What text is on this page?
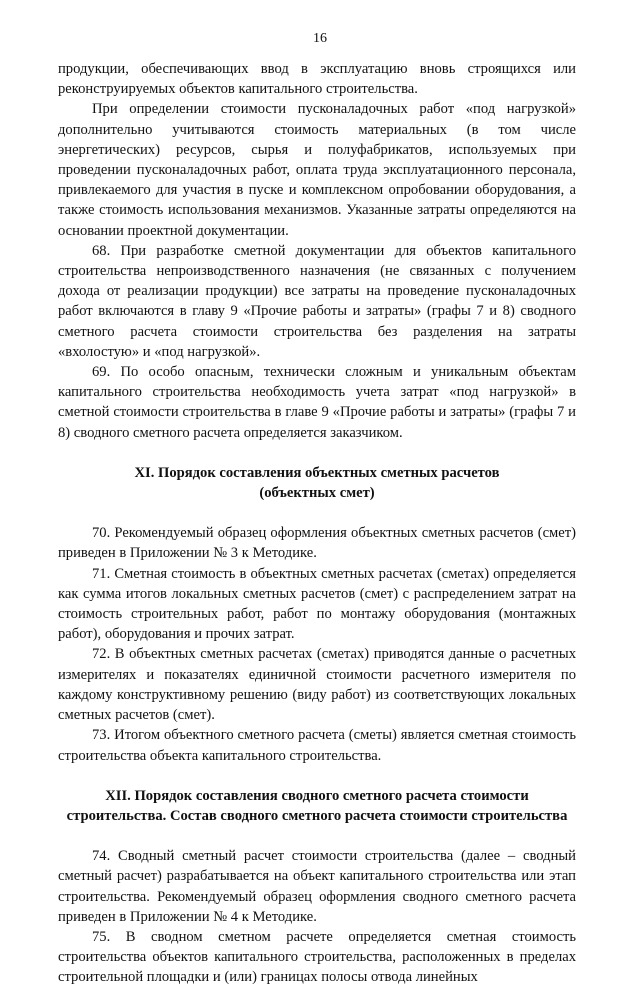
16

продукции, обеспечивающих ввод в эксплуатацию вновь строящихся или реконструируемых объектов капитального строительства.

При определении стоимости пусконаладочных работ «под нагрузкой» дополнительно учитываются стоимость материальных (в том числе энергетических) ресурсов, сырья и полуфабрикатов, используемых при проведении пусконаладочных работ, оплата труда эксплуатационного персонала, привлекаемого для участия в пуске и комплексном опробовании оборудования, а также стоимость использования механизмов. Указанные затраты определяются на основании проектной документации.

68. При разработке сметной документации для объектов капитального строительства непроизводственного назначения (не связанных с получением дохода от реализации продукции) все затраты на проведение пусконаладочных работ включаются в главу 9 «Прочие работы и затраты» (графы 7 и 8) сводного сметного расчета стоимости строительства без разделения на затраты «вхолостую» и «под нагрузкой».

69. По особо опасным, технически сложным и уникальным объектам капитального строительства необходимость учета затрат «под нагрузкой» в сметной стоимости строительства в главе 9 «Прочие работы и затраты» (графы 7 и 8) сводного сметного расчета определяется заказчиком.

XI. Порядок составления объектных сметных расчетов
(объектных смет)

70. Рекомендуемый образец оформления объектных сметных расчетов (смет) приведен в Приложении № 3 к Методике.

71. Сметная стоимость в объектных сметных расчетах (сметах) определяется как сумма итогов локальных сметных расчетов (смет) с распределением затрат на стоимость строительных работ, работ по монтажу оборудования (монтажных работ), оборудования и прочих затрат.

72. В объектных сметных расчетах (сметах) приводятся данные о расчетных измерителях и показателях единичной стоимости расчетного измерителя по каждому конструктивному решению (виду работ) из соответствующих локальных сметных расчетов (смет).

73. Итогом объектного сметного расчета (сметы) является сметная стоимость строительства объекта капитального строительства.

XII. Порядок составления сводного сметного расчета стоимости
строительства. Состав сводного сметного расчета стоимости строительства

74. Сводный сметный расчет стоимости строительства (далее – сводный сметный расчет) разрабатывается на объект капитального строительства или этап строительства. Рекомендуемый образец оформления сводного сметного расчета приведен в Приложении № 4 к Методике.

75. В сводном сметном расчете определяется сметная стоимость строительства объектов капитального строительства, расположенных в пределах строительной площадки и (или) границах полосы отвода линейных
